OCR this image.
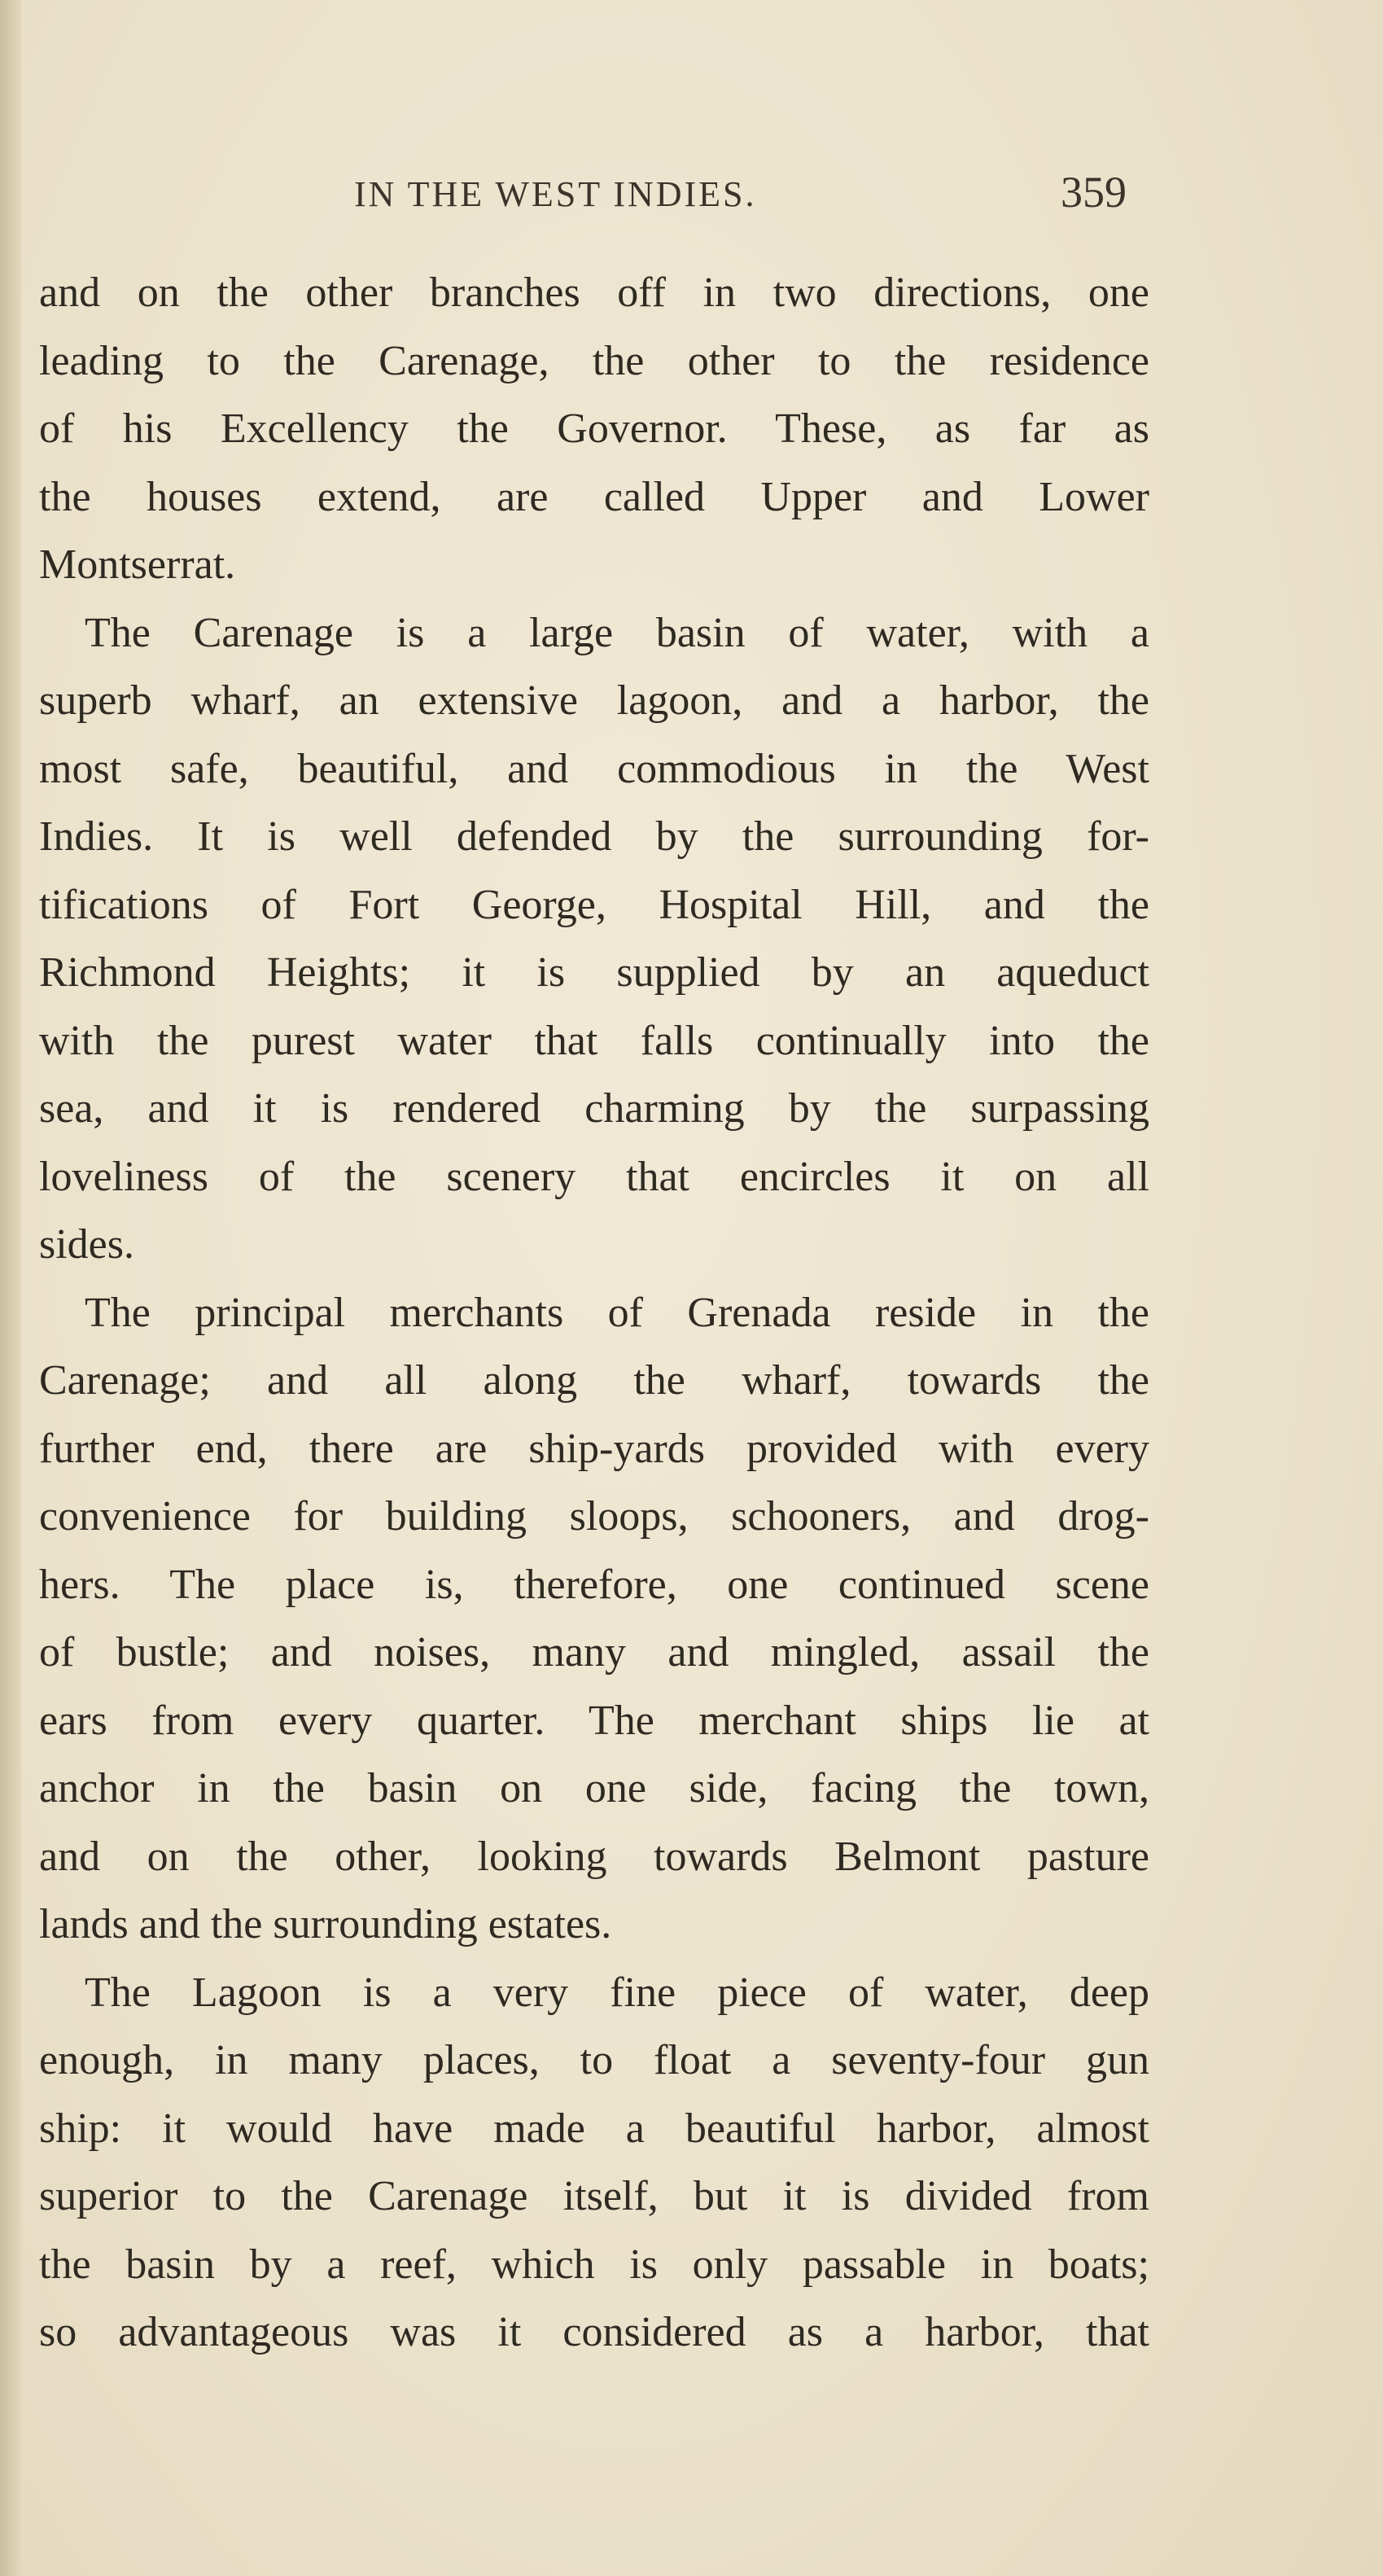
IN THE WEST INDIES.	359
and on the other branches off in two directions, one
leading to the Carenage, the other to the residence
of his Excellency the Governor. These, as far as
the houses extend, are called Upper and Lower
Montserrat.
The Carenage is a large basin of water, with a
superb wharf, an extensive lagoon, and a harbor, the
most safe, beautiful, and commodious in the West
Indies. It is well defended by the surrounding for-
tifications of Fort George, Hospital Hill, and the
Richmond Heights; it is supplied by an aqueduct
with the purest water that falls continually into the
sea, and it is rendered charming by the surpassing
loveliness of the scenery that encircles it on all
sides.
The principal merchants of Grenada reside in the
Carenage; and all along the wharf, towards the
further end, there are ship-yards provided with every
convenience for building sloops, schooners, and drog-
hers. The place is, therefore, one continued scene
of bustle; and noises, many and mingled, assail the
ears from every quarter. The merchant ships lie at
anchor in the basin on one side, facing the town,
and on the other, looking towards Belmont pasture
lands and the surrounding estates.
The Lagoon is a very fine piece of water, deep
enough, in many places, to float a seventy-four gun
ship: it would have made a beautiful harbor, almost
superior to the Carenage itself, but it is divided from
the basin by a reef, which is only passable in boats;
so advantageous was it considered as a harbor, that
